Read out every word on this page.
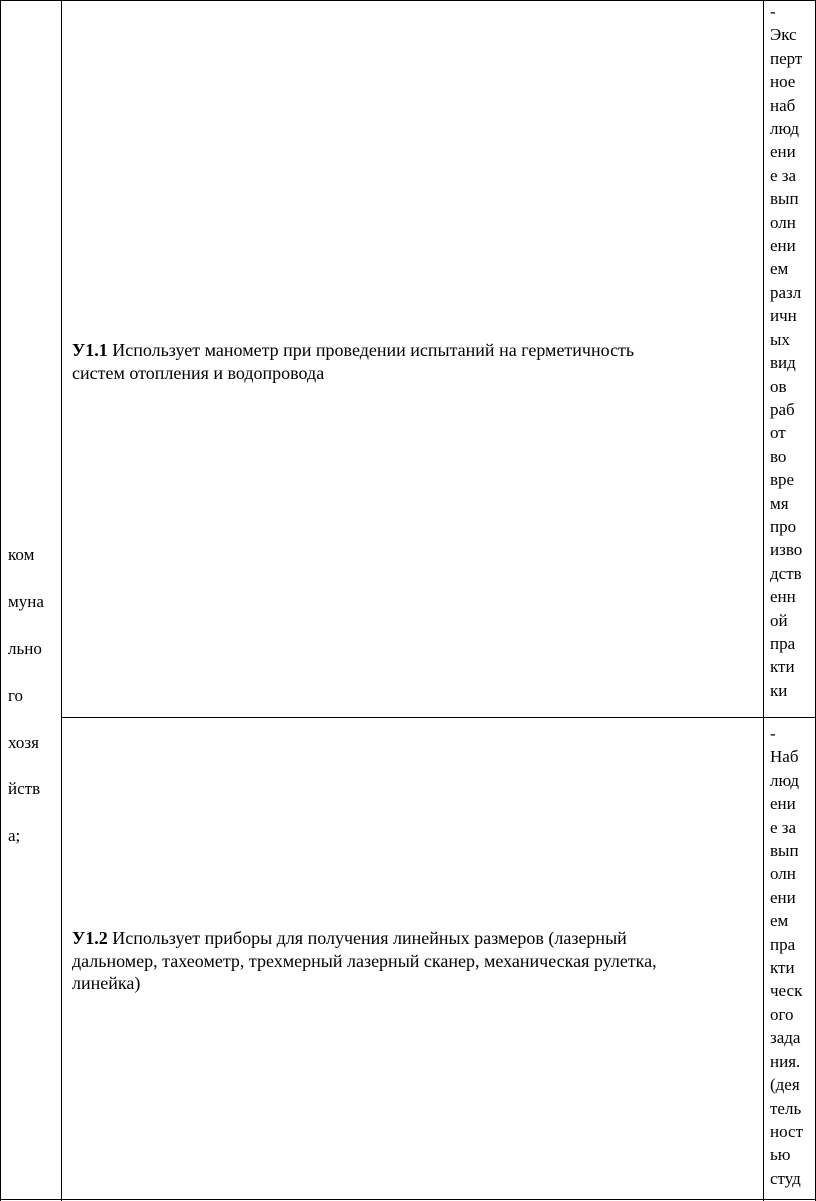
ком

муна

льно

го

хозя

йств

а;

У1.1 Использует манометр при проведении испытаний на герметичность
систем отопления и водопровода
-
Экс
перт
ное
наб
люд
ени
е за
вып
олн
ени
ем
разл
ичн
ых
вид
ов
раб
от
во
вре
мя
про
изво
дств
енн
ой
пра
кти
ки
У1.2 Использует приборы для получения линейных размеров (лазерный
дальномер, тахеометр, трехмерный лазерный сканер, механическая рулетка,
линейка)
-
Наб
люд
ени
е за
вып
олн
ени
ем
пра
кти
ческ
ого
зада
ния.
(дея
тель
ност
ью
студ
